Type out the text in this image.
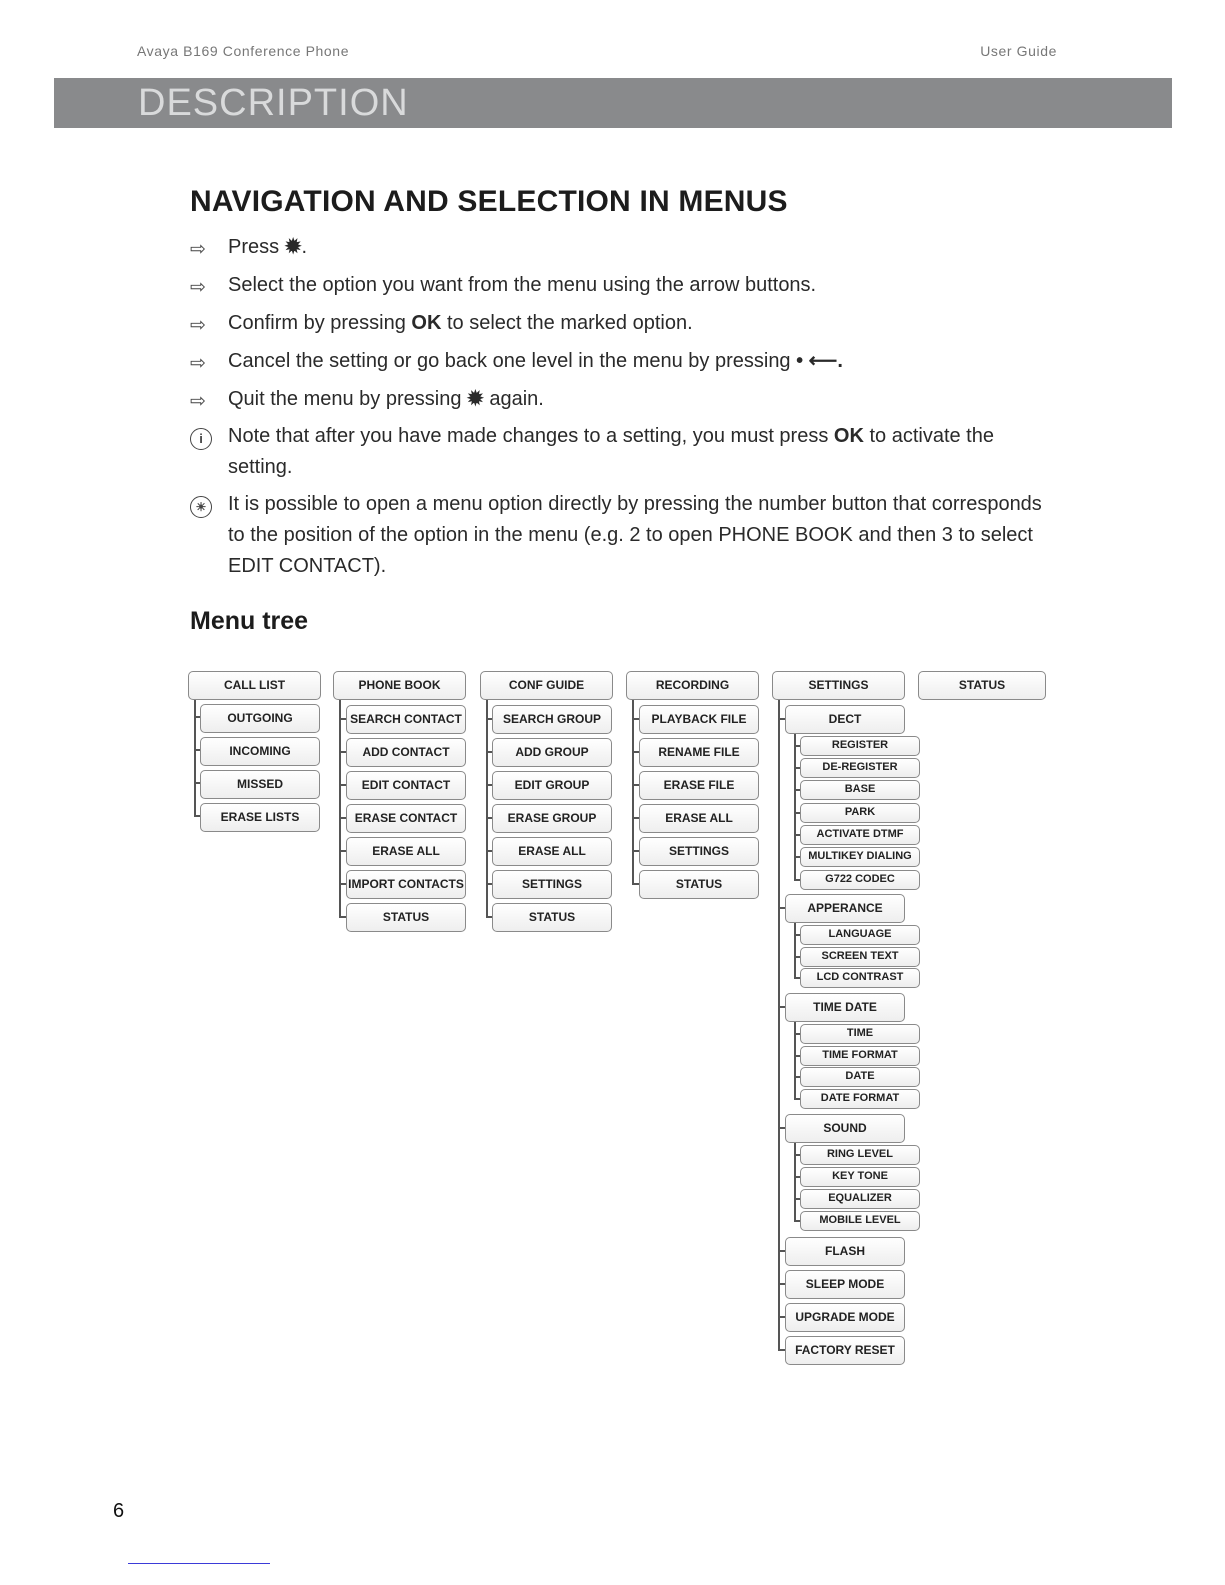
Avaya B169 Conference Phone	User Guide
DESCRIPTION
NAVIGATION AND SELECTION IN MENUS
⇨	Press ✹.
⇨	Select the option you want from the menu using the arrow buttons.
⇨	Confirm by pressing OK to select the marked option.
⇨	Cancel the setting or go back one level in the menu by pressing • ⟵.
⇨	Quit the menu by pressing ✹ again.
i	Note that after you have made changes to a setting, you must press OK to activate the setting.
☀	It is possible to open a menu option directly by pressing the number button that corresponds to the position of the option in the menu (e.g. 2 to open PHONE BOOK and then 3 to select EDIT CONTACT).
Menu tree
CALL LIST
OUTGOING
INCOMING
MISSED
ERASE LISTS
PHONE BOOK
SEARCH CONTACT
ADD CONTACT
EDIT CONTACT
ERASE CONTACT
ERASE ALL
IMPORT CONTACTS
STATUS
CONF GUIDE
SEARCH GROUP
ADD GROUP
EDIT GROUP
ERASE GROUP
ERASE ALL
SETTINGS
STATUS
RECORDING
PLAYBACK FILE
RENAME FILE
ERASE FILE
ERASE ALL
SETTINGS
STATUS
SETTINGS
DECT
REGISTER
DE-REGISTER
BASE
PARK
ACTIVATE DTMF
MULTIKEY DIALING
G722 CODEC
APPERANCE
LANGUAGE
SCREEN TEXT
LCD CONTRAST
TIME DATE
TIME
TIME FORMAT
DATE
DATE FORMAT
SOUND
RING LEVEL
KEY TONE
EQUALIZER
MOBILE LEVEL
FLASH
SLEEP MODE
UPGRADE MODE
FACTORY RESET
STATUS
6
